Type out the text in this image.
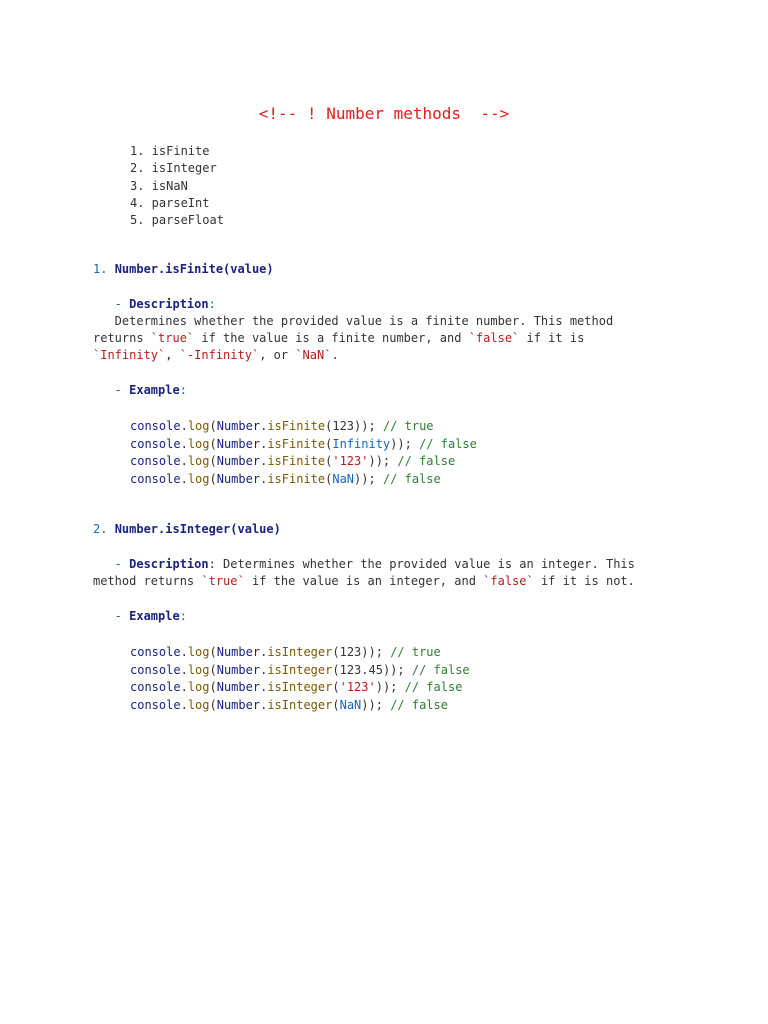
<!-- ! Number methods  -->
1. isFinite
2. isInteger
3. isNaN
4. parseInt
5. parseFloat
1. Number.isFinite(value)
- Description:
Determines whether the provided value is a finite number. This method
returns `true` if the value is a finite number, and `false` if it is
`Infinity`, `-Infinity`, or `NaN`.
- Example:
console.log(Number.isFinite(123)); // true
console.log(Number.isFinite(Infinity)); // false
console.log(Number.isFinite('123')); // false
console.log(Number.isFinite(NaN)); // false
2. Number.isInteger(value)
- Description: Determines whether the provided value is an integer. This
method returns `true` if the value is an integer, and `false` if it is not.
- Example:
console.log(Number.isInteger(123)); // true
console.log(Number.isInteger(123.45)); // false
console.log(Number.isInteger('123')); // false
console.log(Number.isInteger(NaN)); // false
